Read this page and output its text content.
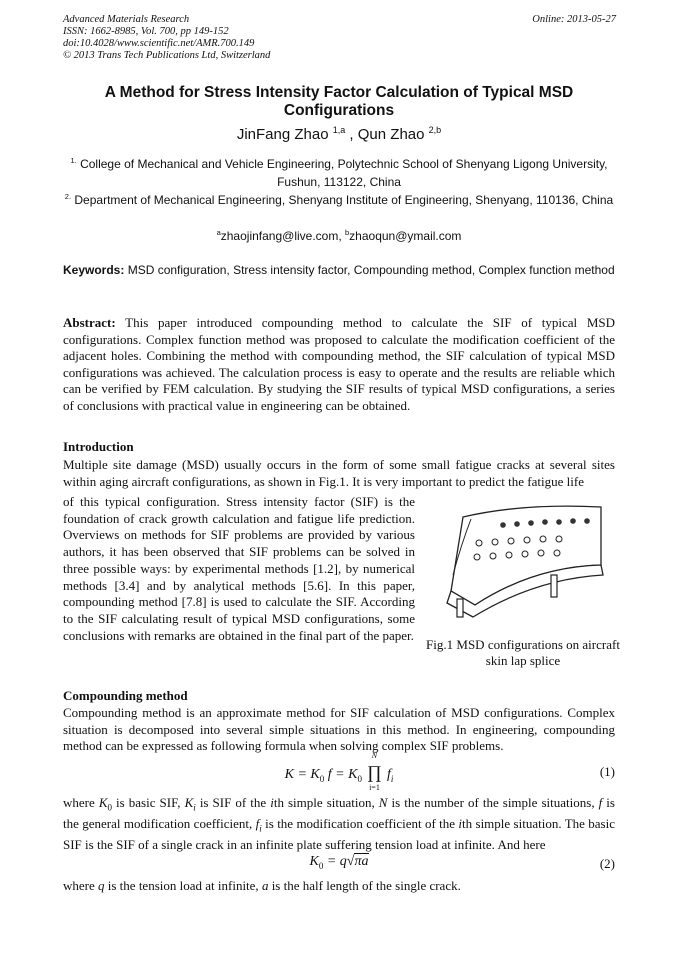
Advanced Materials Research
ISSN: 1662-8985, Vol. 700, pp 149-152
doi:10.4028/www.scientific.net/AMR.700.149
© 2013 Trans Tech Publications Ltd, Switzerland
Online: 2013-05-27
A Method for Stress Intensity Factor Calculation of Typical MSD Configurations
JinFang Zhao $^{1,a}$ , Qun Zhao $^{2,b}$
$^{1.}$ College of Mechanical and Vehicle Engineering, Polytechnic School of Shenyang Ligong University, Fushun, 113122, China
$^{2.}$ Department of Mechanical Engineering, Shenyang Institute of Engineering, Shenyang, 110136, China
$^a$zhaojinfang@live.com, $^b$zhaoqun@ymail.com
Keywords: MSD configuration, Stress intensity factor, Compounding method, Complex function method
Abstract: This paper introduced compounding method to calculate the SIF of typical MSD configurations. Complex function method was proposed to calculate the modification coefficient of the adjacent holes. Combining the method with compounding method, the SIF calculation of typical MSD configurations was achieved. The calculation process is easy to operate and the results are reliable which can be verified by FEM calculation. By studying the SIF results of typical MSD configurations, a series of conclusions with practical value in engineering can be obtained.
Introduction
Multiple site damage (MSD) usually occurs in the form of some small fatigue cracks at several sites within aging aircraft configurations, as shown in Fig.1. It is very important to predict the fatigue life
of this typical configuration. Stress intensity factor (SIF) is the foundation of crack growth calculation and fatigue life prediction. Overviews on methods for SIF problems are provided by various authors, it has been observed that SIF problems can be solved in three possible ways: by experimental methods [1.2], by numerical methods [3.4] and by analytical methods [5.6]. In this paper, compounding method [7.8] is used to calculate the SIF. According to the SIF calculating result of typical MSD configurations, some conclusions with remarks are obtained in the final part of the paper.
Fig.1 MSD configurations on aircraft skin lap splice
Compounding method
Compounding method is an approximate method for SIF calculation of MSD configurations. Complex situation is decomposed into several simple situations in this method. In engineering, compounding method can be expressed as following formula when solving complex SIF problems.
$K = K_0$ $f = K_0$
N
∏
i=1
$f_i$	(1)
where $K_0$ is basic SIF, $K_i$ is SIF of the ith simple situation, N is the number of the simple situations, f is the general modification coefficient, $f_i$ is the modification coefficient of the ith simple situation. The basic SIF is the SIF of a single crack in an infinite plate suffering tension load at infinite. And here
$K_0 = q√\pi a$	(2)
where q is the tension load at infinite, a is the half length of the single crack.
